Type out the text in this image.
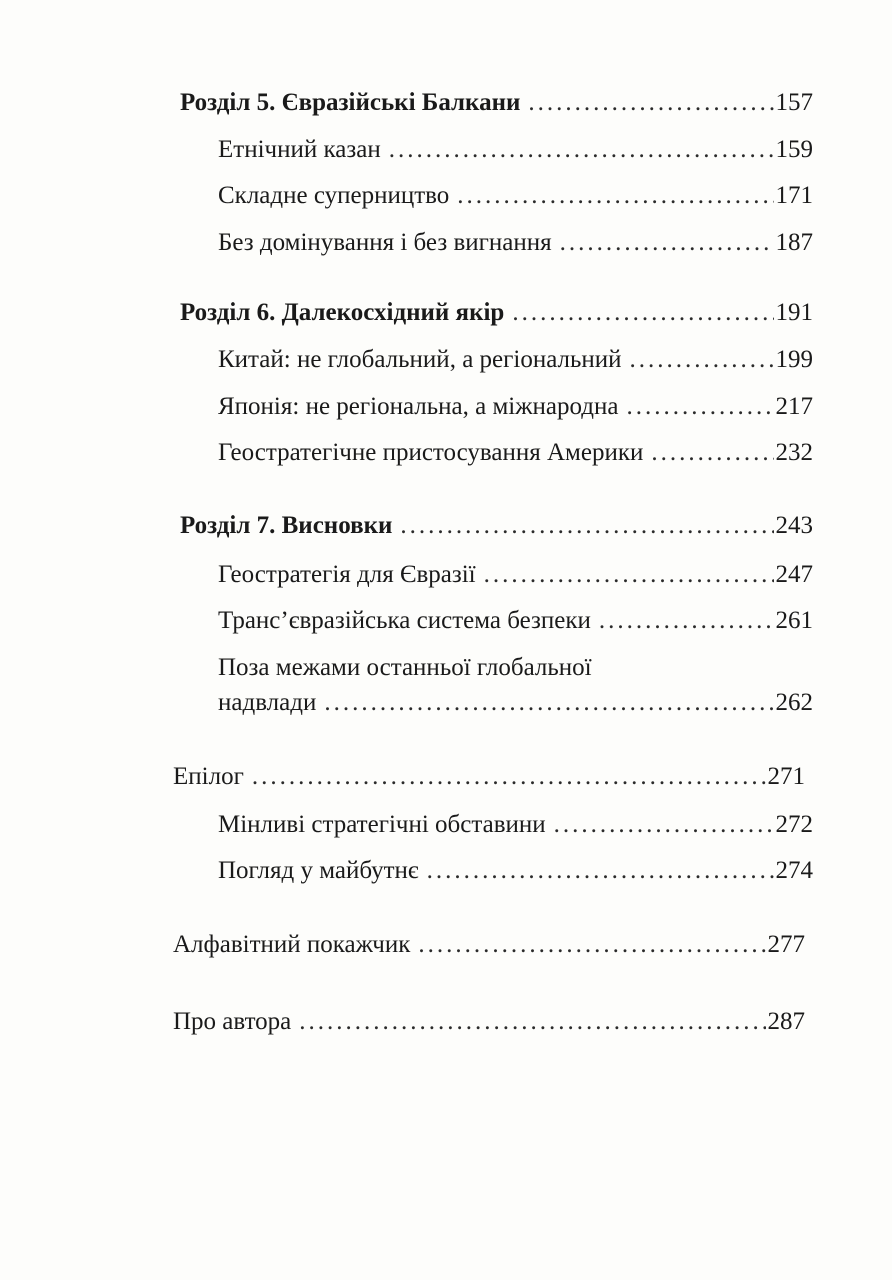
Розділ 5. Євразійські Балкани .....	157
Етнічний казан .....	159
Складне суперництво .....	171
Без домінування і без вигнання .....	187
Розділ 6. Далекосхідний якір .....	191
Китай: не глобальний, а регіональний .....	199
Японія: не регіональна, а міжнародна .....	217
Геостратегічне пристосування Америки .....	232
Розділ 7. Висновки .....	243
Геостратегія для Євразії .....	247
Транс’євразійська система безпеки .....	261
Поза межами останньої глобальної
надвлади .....	262
Епілог .....	271
Мінливі стратегічні обставини .....	272
Погляд у майбутнє .....	274
Алфавітний покажчик .....	277
Про автора .....	287
